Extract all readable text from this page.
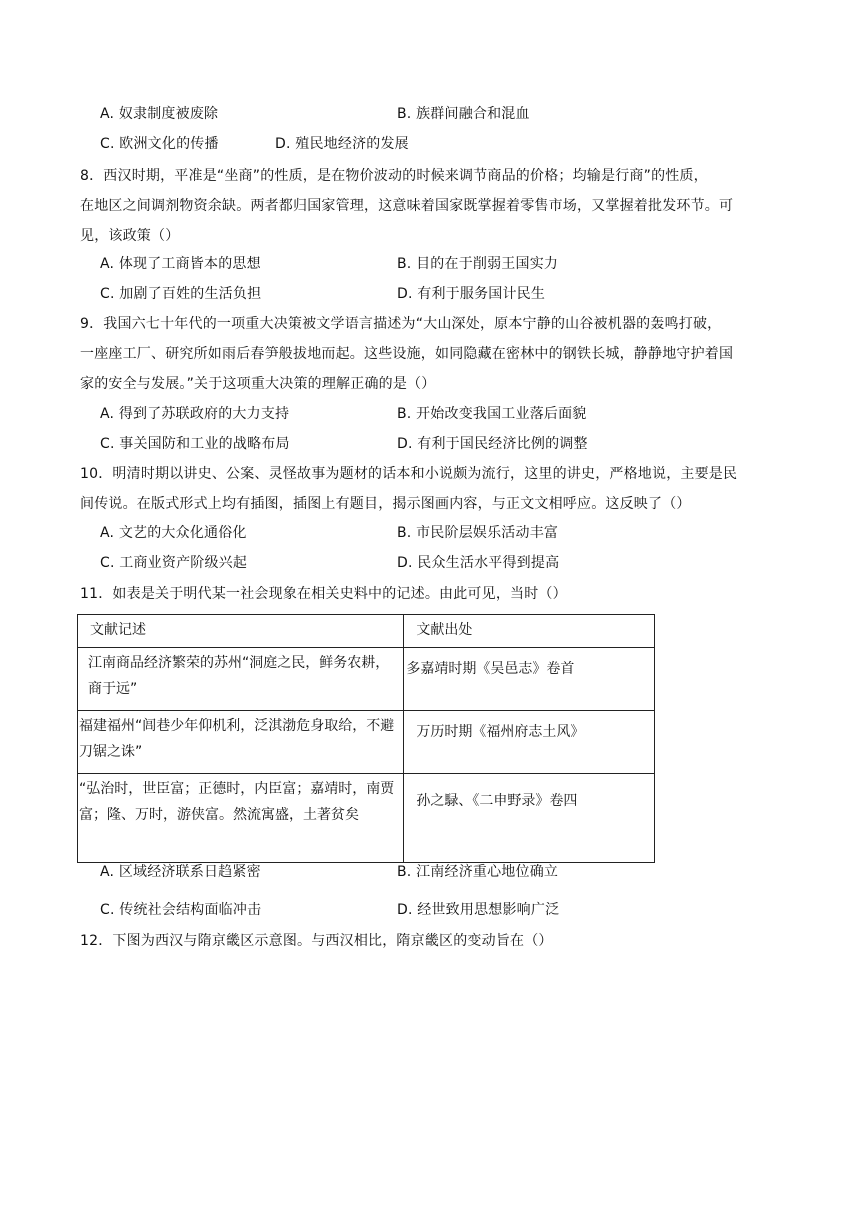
A. 奴隶制度被废除	B. 族群间融合和混血
C. 欧洲文化的传播	D. 殖民地经济的发展
8．西汉时期，平准是“坐商”的性质，是在物价波动的时候来调节商品的价格；均输是行商”的性质，
在地区之间调剂物资余缺。两者都归国家管理，这意味着国家既掌握着零售市场，又掌握着批发环节。可
见，该政策（）
A. 体现了工商皆本的思想	B. 目的在于削弱王国实力
C. 加剧了百姓的生活负担	D. 有利于服务国计民生
9．我国六七十年代的一项重大决策被文学语言描述为“大山深处，原本宁静的山谷被机器的轰鸣打破，
一座座工厂、研究所如雨后春笋般拔地而起。这些设施，如同隐藏在密林中的钢铁长城，静静地守护着国
家的安全与发展。”关于这项重大决策的理解正确的是（）
A. 得到了苏联政府的大力支持	B. 开始改变我国工业落后面貌
C. 事关国防和工业的战略布局	D. 有利于国民经济比例的调整
10．明清时期以讲史、公案、灵怪故事为题材的话本和小说颇为流行，这里的讲史，严格地说，主要是民
间传说。在版式形式上均有插图，插图上有题目，揭示图画内容，与正文文相呼应。这反映了（）
A. 文艺的大众化通俗化	B. 市民阶层娱乐活动丰富
C. 工商业资产阶级兴起	D. 民众生活水平得到提高
11．如表是关于明代某一社会现象在相关史料中的记述。由此可见，当时（）
文献记述	文献出处

江南商品经济繁荣的苏州“洞庭之民，鲜务农耕，商于远”	多嘉靖时期《吴邑志》卷首

福建福州“闾巷少年仰机利，泛淇渤危身取给，不避刀锯之诛”	万历时期《福州府志土风》

“弘治时，世臣富；正德时，内臣富；嘉靖时，南贾富；隆、万时，游侠富。然流寓盛，土著贫矣	孙之騄、《二申野录》卷四
A. 区域经济联系日趋紧密	B. 江南经济重心地位确立
C. 传统社会结构面临冲击	D. 经世致用思想影响广泛
12．下图为西汉与隋京畿区示意图。与西汉相比，隋京畿区的变动旨在（）
